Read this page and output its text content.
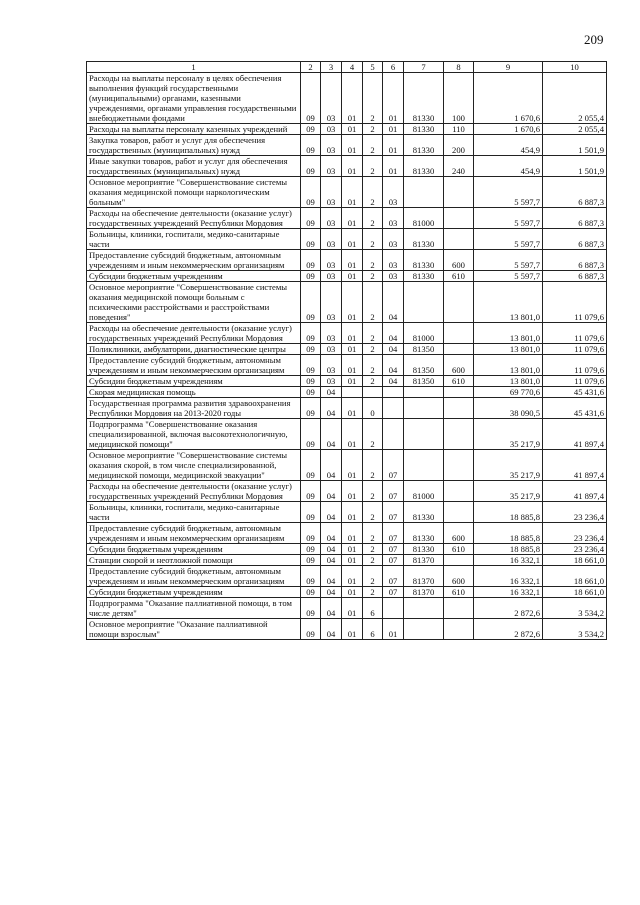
209
1	2	3	4	5	6	7	8	9	10
Расходы на выплаты персоналу в целях обеспечения выполнения функций государственными (муниципальными) органами, казенными учреждениями, органами управления государственными внебюджетными фондами	09	03	01	2	01	81330	100	1 670,6	2 055,4
Расходы на выплаты персоналу казенных учреждений	09	03	01	2	01	81330	110	1 670,6	2 055,4
Закупка товаров, работ и услуг для обеспечения государственных (муниципальных) нужд	09	03	01	2	01	81330	200	454,9	1 501,9
Иные закупки товаров, работ и услуг для обеспечения государственных (муниципальных) нужд	09	03	01	2	01	81330	240	454,9	1 501,9
Основное мероприятие "Совершенствование системы оказания медицинской помощи наркологическим больным"	09	03	01	2	03			5 597,7	6 887,3
Расходы на обеспечение деятельности (оказание услуг) государственных учреждений Республики Мордовия	09	03	01	2	03	81000		5 597,7	6 887,3
Больницы, клиники, госпитали, медико-санитарные части	09	03	01	2	03	81330		5 597,7	6 887,3
Предоставление субсидий бюджетным, автономным учреждениям и иным некоммерческим организациям	09	03	01	2	03	81330	600	5 597,7	6 887,3
Субсидии бюджетным учреждениям	09	03	01	2	03	81330	610	5 597,7	6 887,3
Основное мероприятие "Совершенствование системы оказания медицинской помощи больным с психическими расстройствами и расстройствами поведения"	09	03	01	2	04			13 801,0	11 079,6
Расходы на обеспечение деятельности (оказание услуг) государственных учреждений Республики Мордовия	09	03	01	2	04	81000		13 801,0	11 079,6
Поликлиники, амбулатории, диагностические центры	09	03	01	2	04	81350		13 801,0	11 079,6
Предоставление субсидий бюджетным, автономным учреждениям и иным некоммерческим организациям	09	03	01	2	04	81350	600	13 801,0	11 079,6
Субсидии бюджетным учреждениям	09	03	01	2	04	81350	610	13 801,0	11 079,6
Скорая медицинская помощь	09	04						69 770,6	45 431,6
Государственная программа развития здравоохранения Республики Мордовия на 2013-2020 годы	09	04	01	0				38 090,5	45 431,6
Подпрограмма "Совершенствование оказания специализированной, включая высокотехнологичную, медицинской помощи"	09	04	01	2				35 217,9	41 897,4
Основное мероприятие "Совершенствование системы оказания скорой, в том числе специализированной, медицинской помощи, медицинской эвакуации"	09	04	01	2	07			35 217,9	41 897,4
Расходы на обеспечение деятельности (оказание услуг) государственных учреждений Республики Мордовия	09	04	01	2	07	81000		35 217,9	41 897,4
Больницы, клиники, госпитали, медико-санитарные части	09	04	01	2	07	81330		18 885,8	23 236,4
Предоставление субсидий бюджетным, автономным учреждениям и иным некоммерческим организациям	09	04	01	2	07	81330	600	18 885,8	23 236,4
Субсидии бюджетным учреждениям	09	04	01	2	07	81330	610	18 885,8	23 236,4
Станции скорой и неотложной помощи	09	04	01	2	07	81370		16 332,1	18 661,0
Предоставление субсидий бюджетным, автономным учреждениям и иным некоммерческим организациям	09	04	01	2	07	81370	600	16 332,1	18 661,0
Субсидии бюджетным учреждениям	09	04	01	2	07	81370	610	16 332,1	18 661,0
Подпрограмма "Оказание паллиативной помощи, в том числе детям"	09	04	01	6				2 872,6	3 534,2
Основное мероприятие "Оказание паллиативной помощи взрослым"	09	04	01	6	01			2 872,6	3 534,2
